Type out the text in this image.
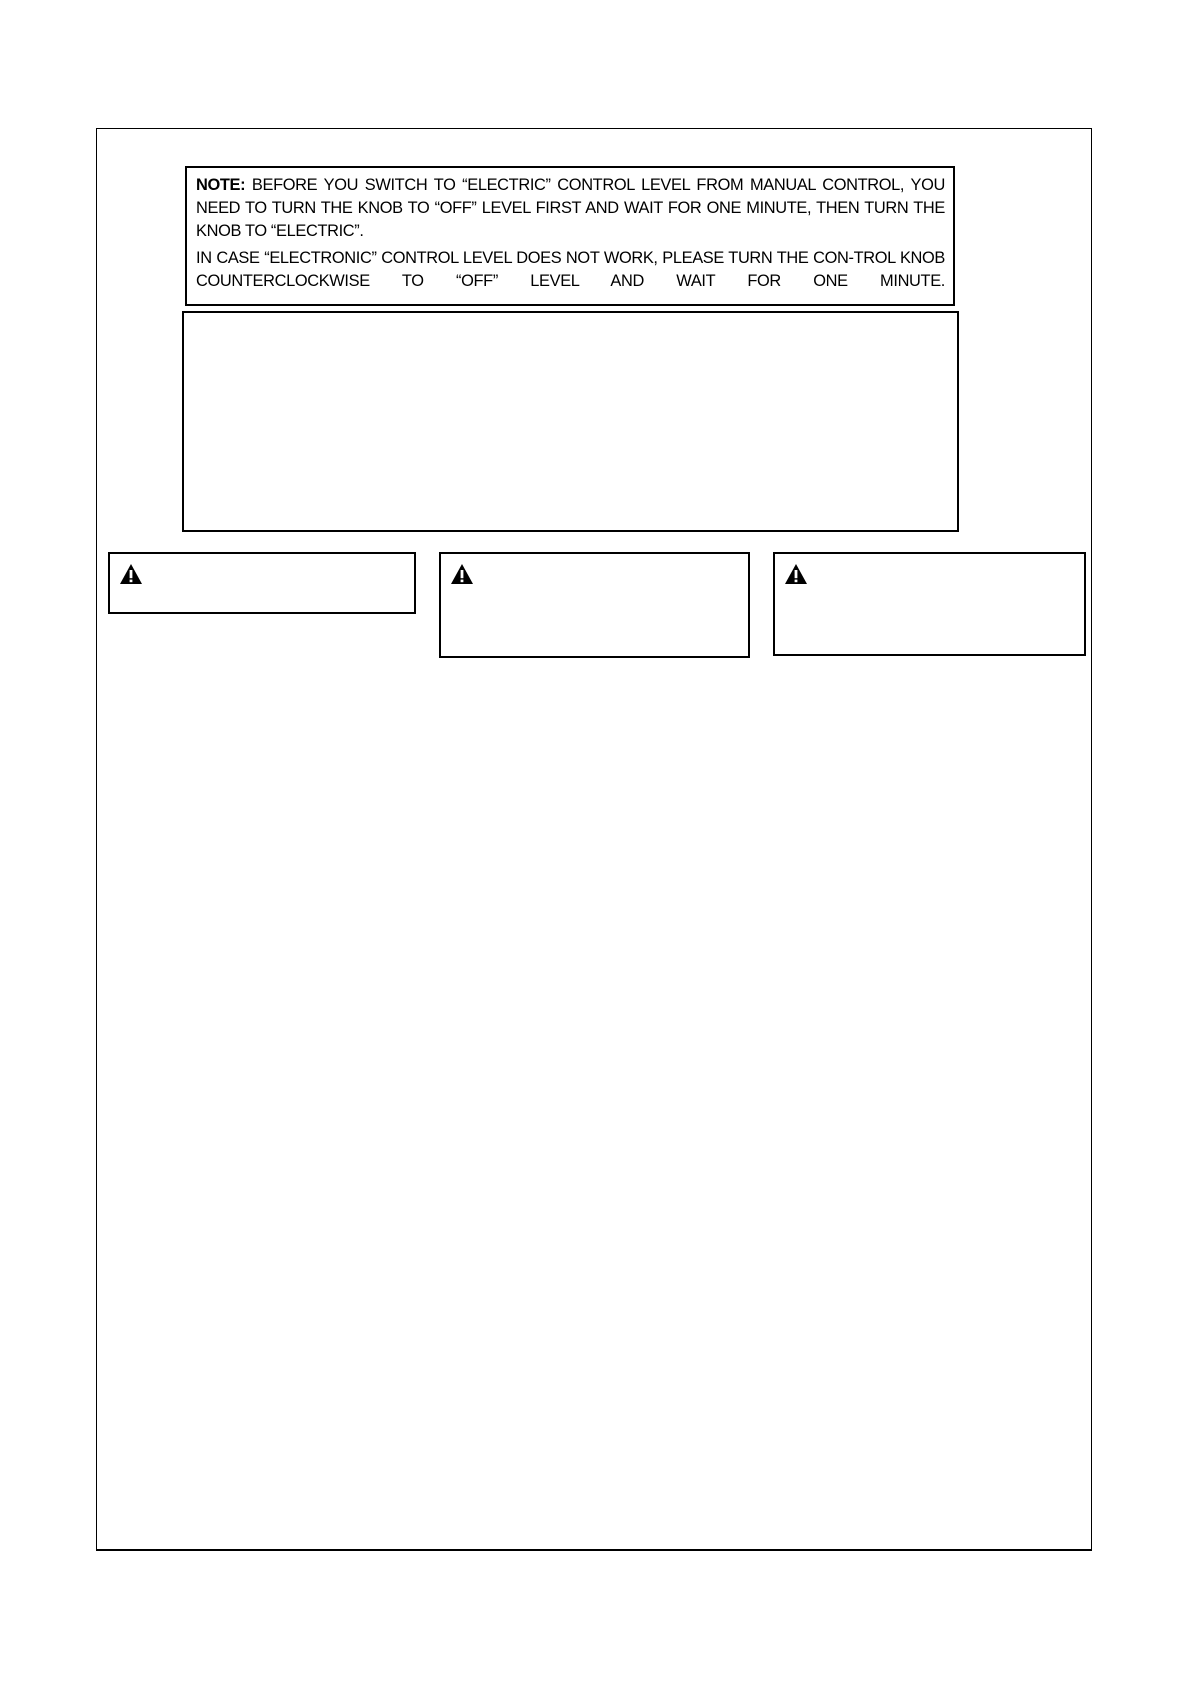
NOTE: BEFORE YOU SWITCH TO “ELECTRIC” CONTROL LEVEL FROM MANUAL CONTROL, YOU NEED TO TURN THE KNOB TO “OFF” LEVEL FIRST AND WAIT FOR ONE MINUTE, THEN TURN THE KNOB TO “ELECTRIC”.

IN CASE “ELECTRONIC” CONTROL LEVEL DOES NOT WORK, PLEASE TURN THE CON-TROL KNOB COUNTERCLOCKWISE TO “OFF” LEVEL AND WAIT FOR ONE MINUTE.
